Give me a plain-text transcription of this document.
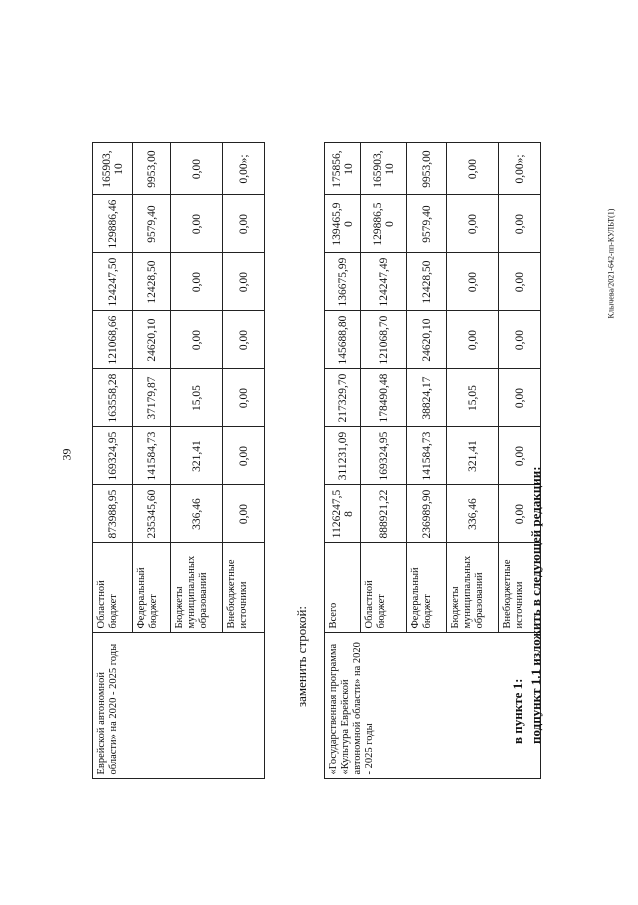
39
Клычева/2021-642-пп-КУЛЬТ(1)
	Еврейской автономной области» на 2020 - 2025 годы	Областной бюджет	873988,95	169324,95	163558,28	121068,66	124247,50	129886,46	165903,10
		Федеральный бюджет	235345,60	141584,73	37179,87	24620,10	12428,50	9579,40	9953,00
		Бюджеты муниципальных образований	336,46	321,41	15,05	0,00	0,00	0,00	0,00
		Внебюджетные источники	0,00	0,00	0,00	0,00	0,00	0,00	0,00»;
заменить строкой:
	«Государственная программа «Культура Еврейской автономной области» на 2020 - 2025 годы	Всего	1126247,58	311231,09	217329,70	145688,80	136675,99	139465,9 0	175856,10
		Областной бюджет	888921,22	169324,95	178490,48	121068,70	124247,49	129886,5 0	165903,10
		Федеральный бюджет	236989,90	141584,73	38824,17	24620,10	12428,50	9579,40	9953,00
		Бюджеты муниципальных образований	336,46	321,41	15,05	0,00	0,00	0,00	0,00
		Внебюджетные источники	0,00	0,00	0,00	0,00	0,00	0,00	0,00»;
в пункте 1: подпункт 1.1 изложить в следующей редакции:
